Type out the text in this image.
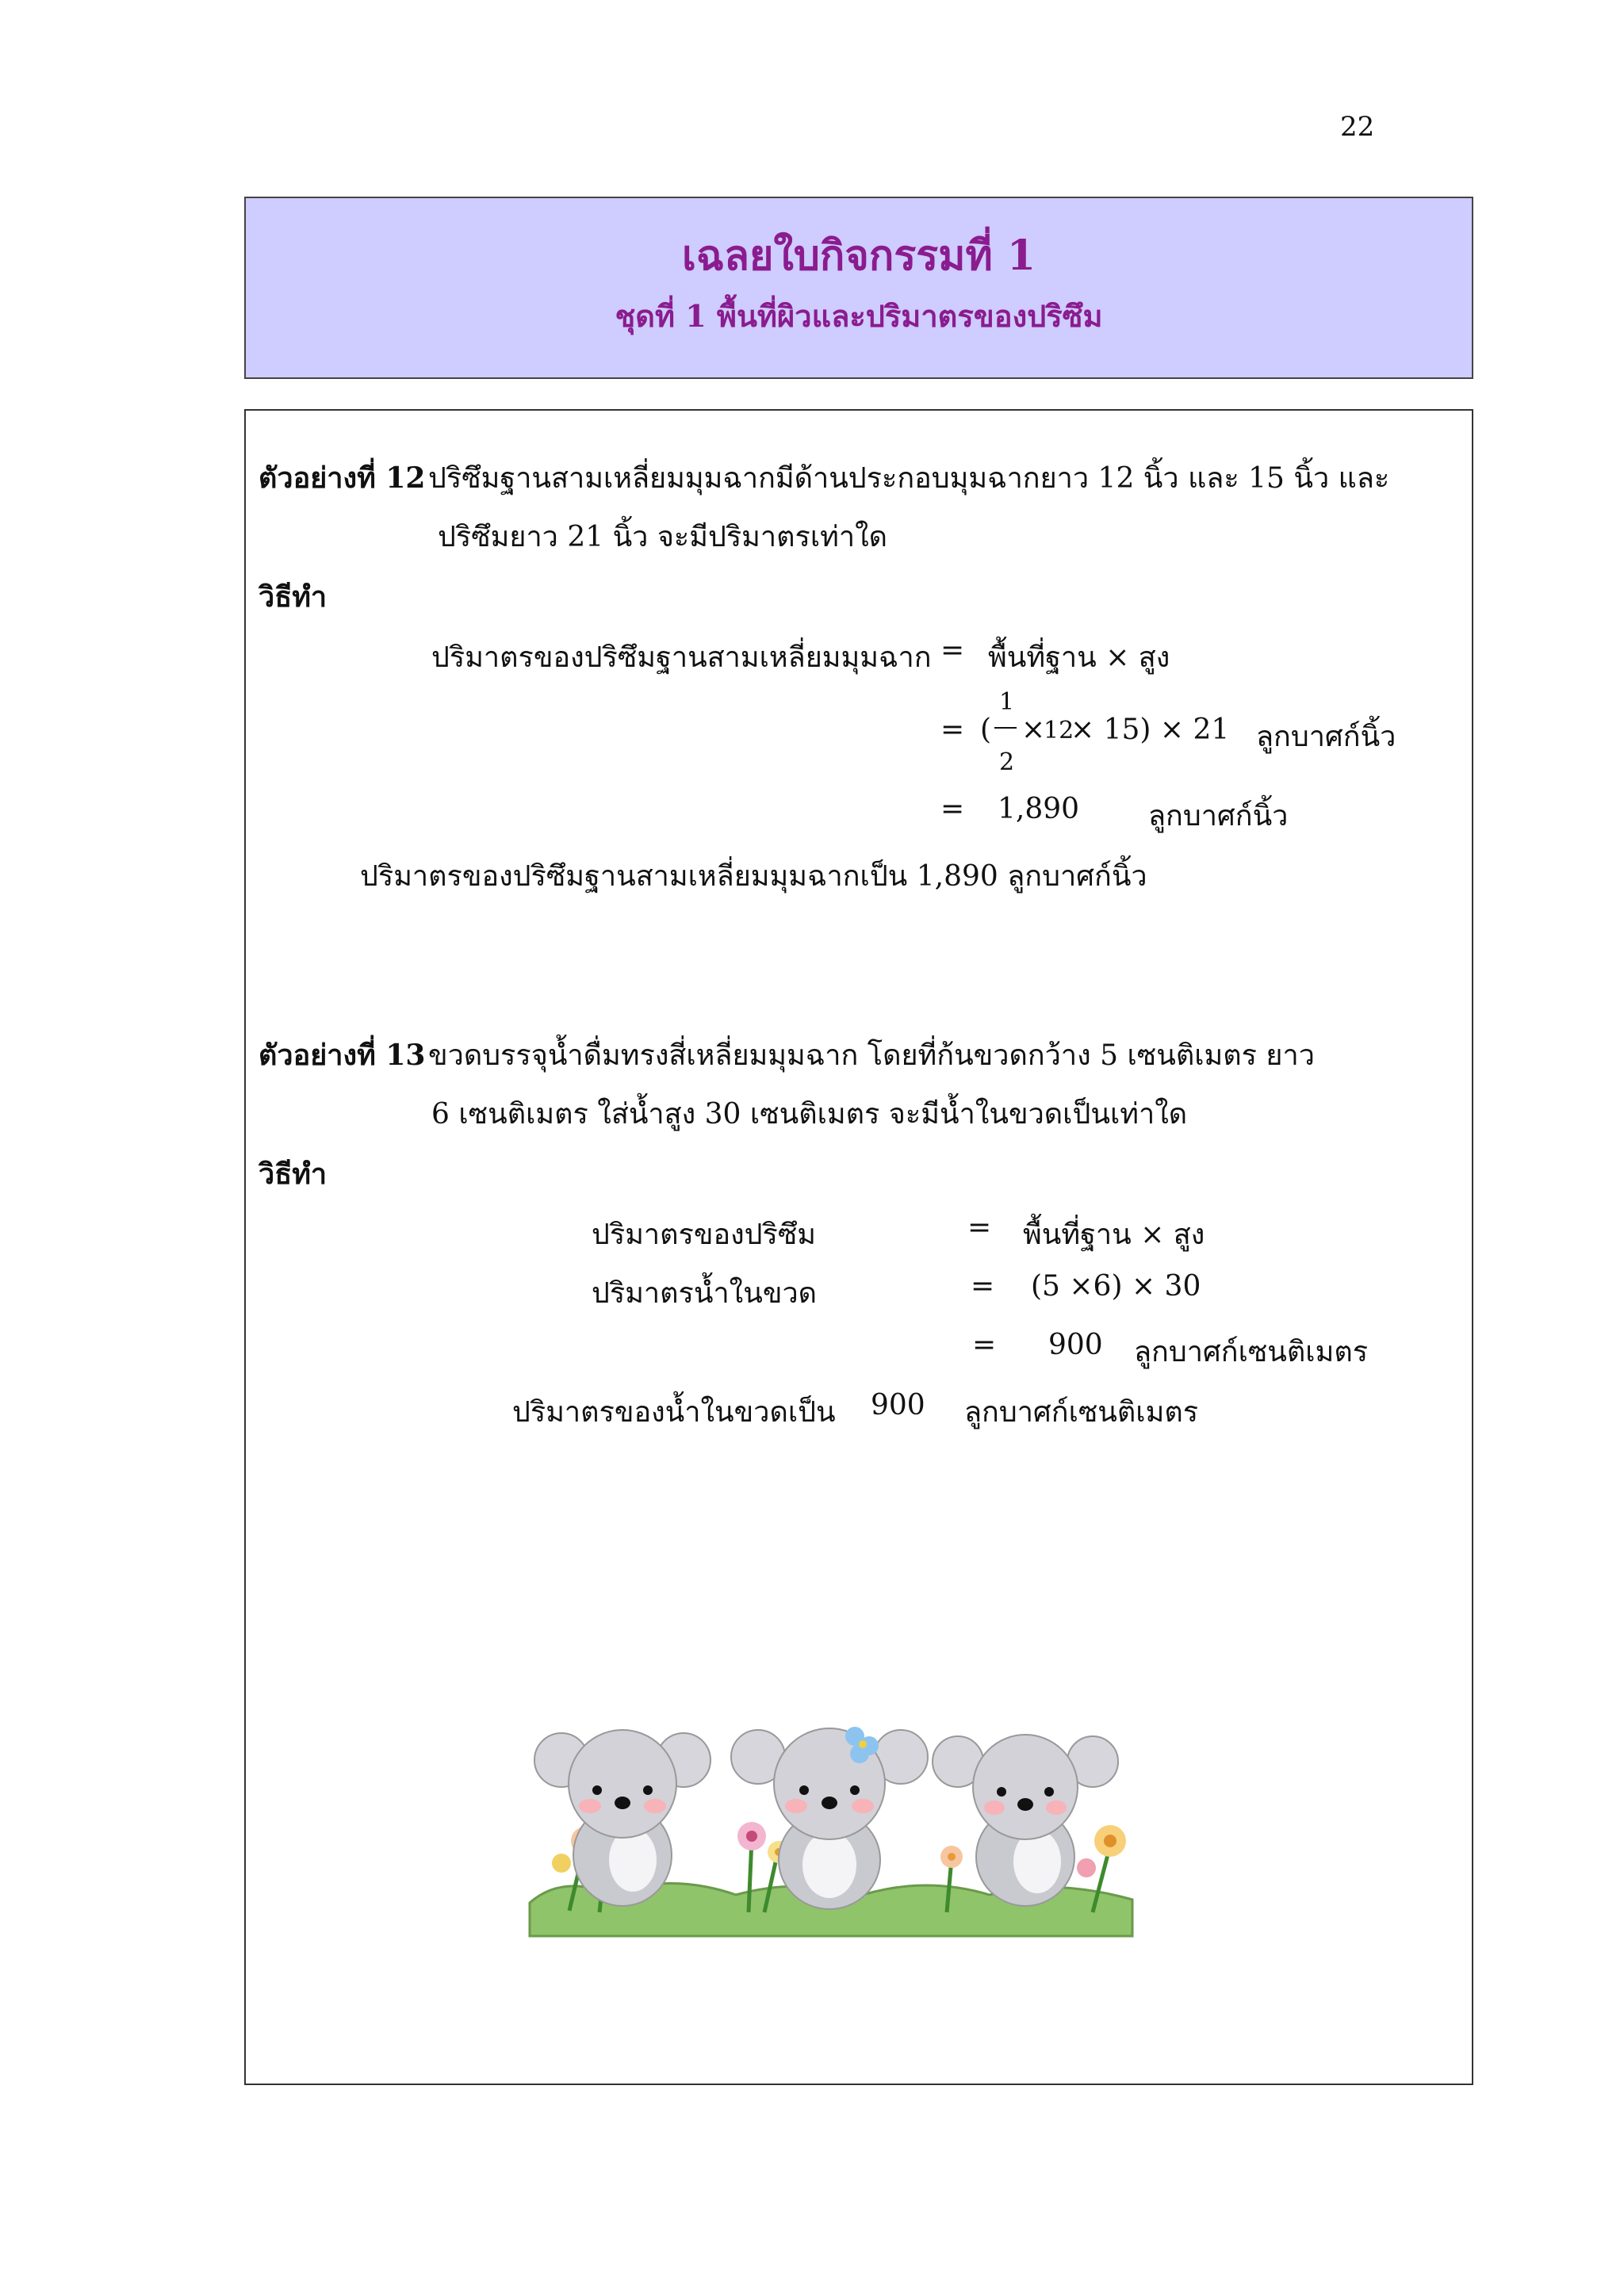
22
เฉลยใบกิจกรรมที่ 1
ชุดที่ 1 พื้นที่ผิวและปริมาตรของปริซึม
ตัวอย่างที่ 12 ปริซึมฐานสามเหลี่ยมมุมฉากมีด้านประกอบมุมฉากยาว 12 นิ้ว และ 15 นิ้ว และ
ปริซึมยาว 21 นิ้ว จะมีปริมาตรเท่าใด
วิธีทำ
ปริมาตรของปริซึมฐานสามเหลี่ยมมุมฉาก = พื้นที่ฐาน × สูง
1
2
= ( ×
12
× 15) × 21 ลูกบาศก์นิ้ว
= 1,890 ลูกบาศก์นิ้ว
ปริมาตรของปริซึมฐานสามเหลี่ยมมุมฉากเป็น 1,890 ลูกบาศก์นิ้ว
ตัวอย่างที่ 13 ขวดบรรจุน้ำดื่มทรงสี่เหลี่ยมมุมฉาก โดยที่ก้นขวดกว้าง 5 เซนติเมตร ยาว
6 เซนติเมตร ใส่น้ำสูง 30 เซนติเมตร จะมีน้ำในขวดเป็นเท่าใด
วิธีทำ
ปริมาตรของปริซึม	= พื้นที่ฐาน × สูง
ปริมาตรน้ำในขวด	= (5 ×6) × 30
= 900 ลูกบาศก์เซนติเมตร
ปริมาตรของน้ำในขวดเป็น 900 ลูกบาศก์เซนติเมตร
